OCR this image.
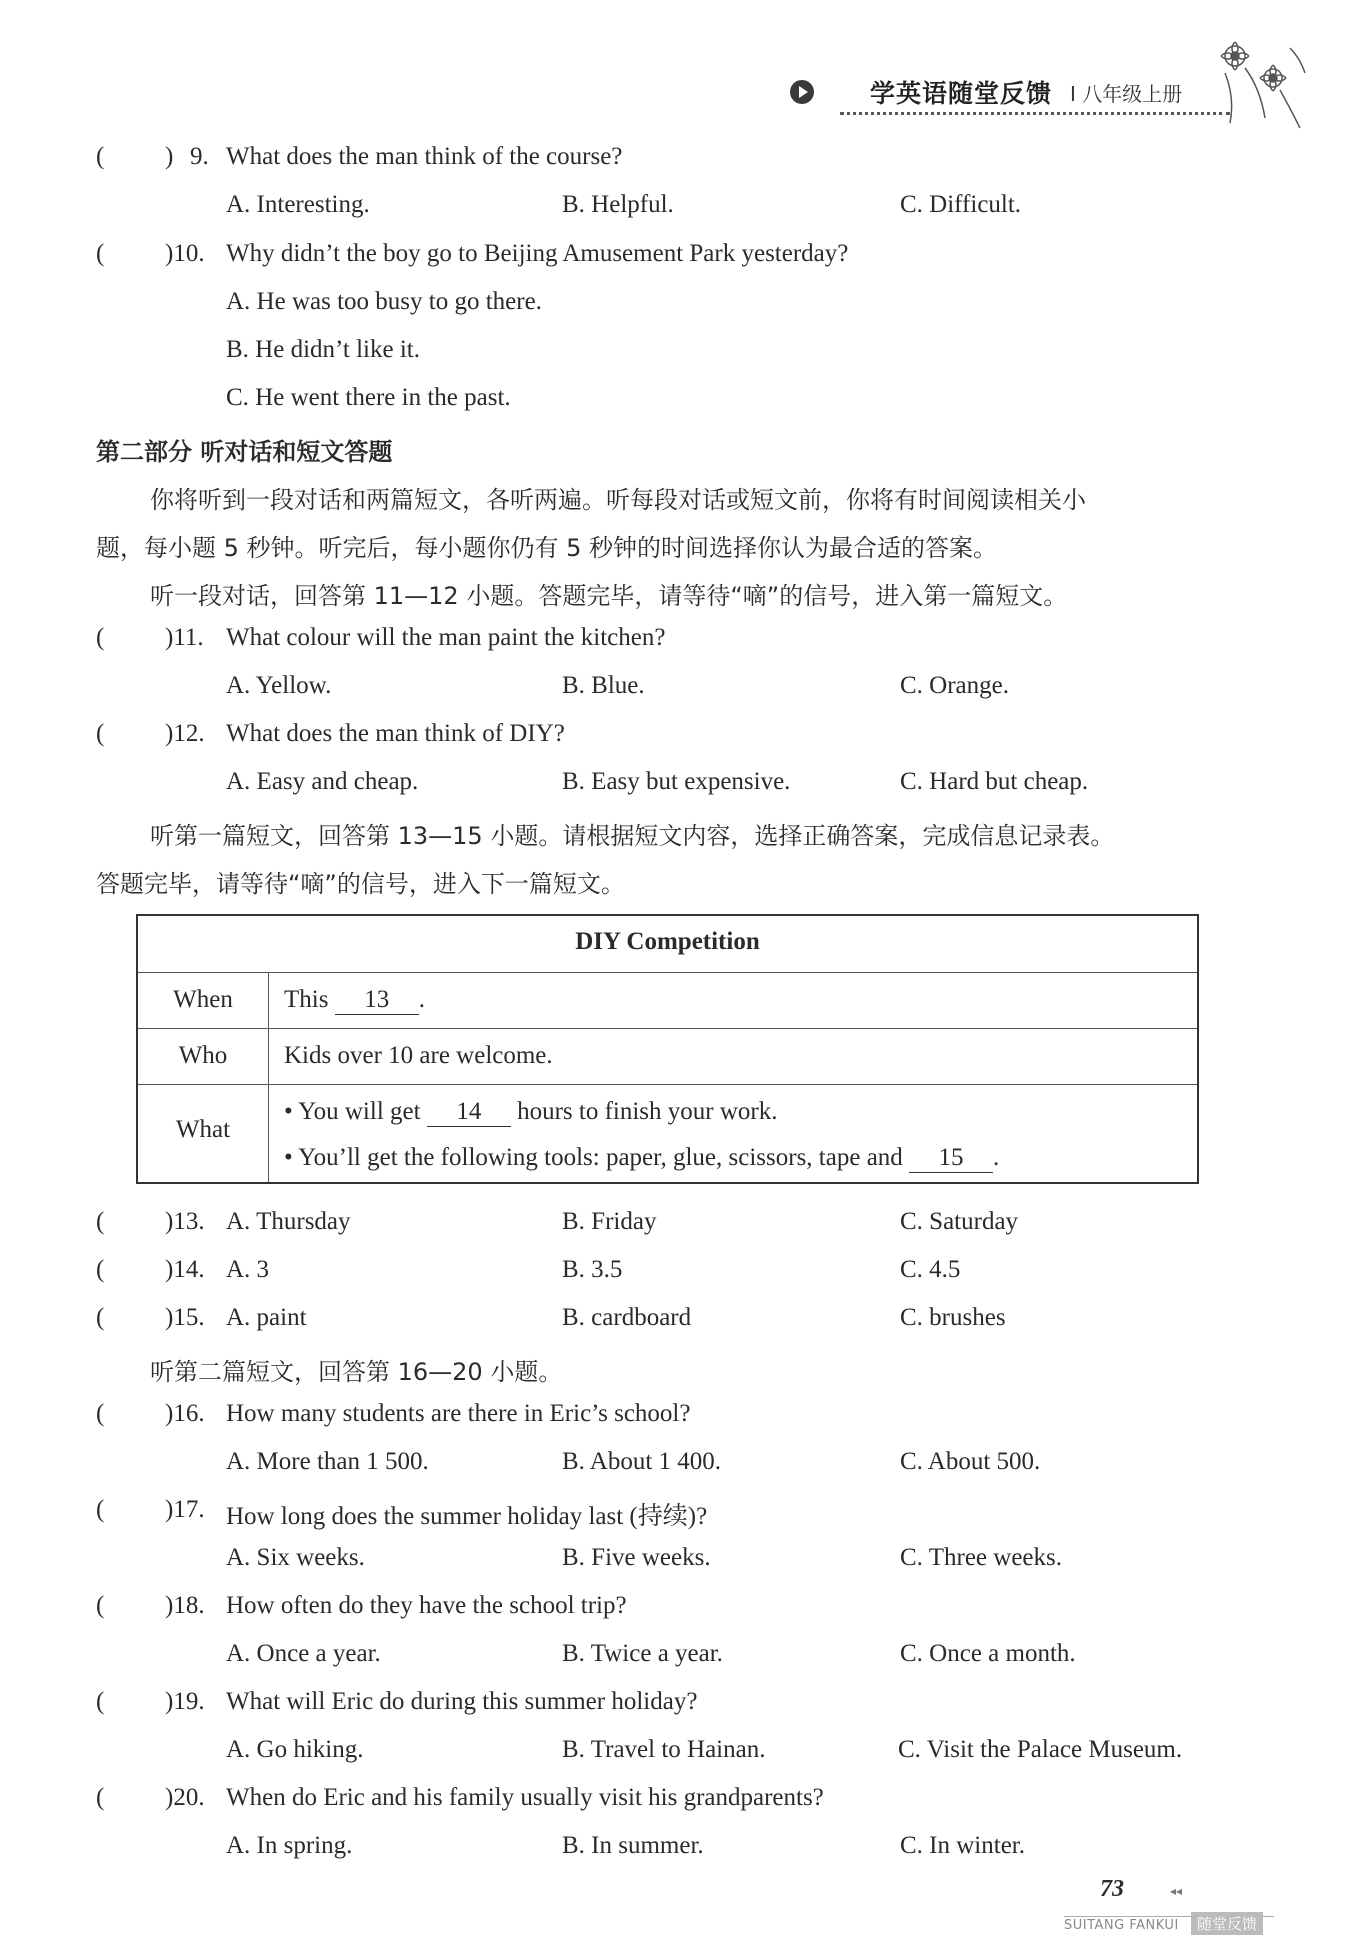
学英语随堂反馈 I 八年级上册
( ) 9. What does the man think of the course?
A. Interesting.	B. Helpful.	C. Difficult.
( )10. Why didn’t the boy go to Beijing Amusement Park yesterday?
A. He was too busy to go there.
B. He didn’t like it.
C. He went there in the past.
第二部分 听对话和短文答题
你将听到一段对话和两篇短文，各听两遍。听每段对话或短文前，你将有时间阅读相关小
题，每小题 5 秒钟。听完后，每小题你仍有 5 秒钟的时间选择你认为最合适的答案。
听一段对话，回答第 11—12 小题。答题完毕，请等待“嘀”的信号，进入第一篇短文。
( )11. What colour will the man paint the kitchen?
A. Yellow.	B. Blue.	C. Orange.
( )12. What does the man think of DIY?
A. Easy and cheap.	B. Easy but expensive.	C. Hard but cheap.
听第一篇短文，回答第 13—15 小题。请根据短文内容，选择正确答案，完成信息记录表。
答题完毕，请等待“嘀”的信号，进入下一篇短文。
DIY Competition
When	This 13 .
Who	Kids over 10 are welcome.
What
• You will get 14 hours to finish your work.
• You’ll get the following tools: paper, glue, scissors, tape and 15 .
( )13. A. Thursday	B. Friday	C. Saturday
( )14. A. 3	B. 3.5	C. 4.5
( )15. A. paint	B. cardboard	C. brushes
听第二篇短文，回答第 16—20 小题。
( )16. How many students are there in Eric’s school?
A. More than 1 500.	B. About 1 400.	C. About 500.
( )17. How long does the summer holiday last (持续)?
A. Six weeks.	B. Five weeks.	C. Three weeks.
( )18. How often do they have the school trip?
A. Once a year.	B. Twice a year.	C. Once a month.
( )19. What will Eric do during this summer holiday?
A. Go hiking.	B. Travel to Hainan.	C. Visit the Palace Museum.
( )20. When do Eric and his family usually visit his grandparents?
A. In spring.	B. In summer.	C. In winter.
73	◂◂
SUITANG FANKUI	随堂反馈
